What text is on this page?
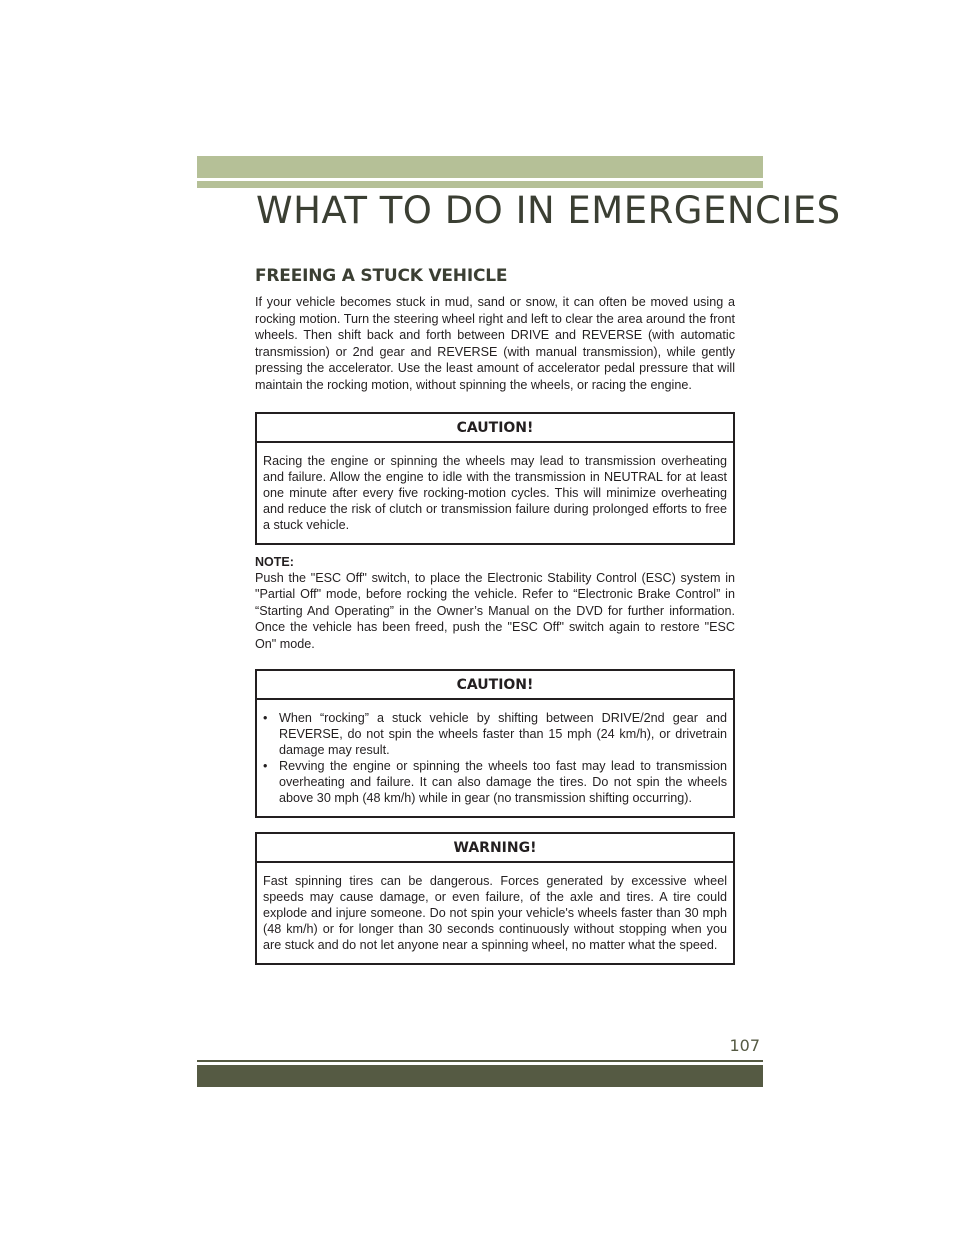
WHAT TO DO IN EMERGENCIES
FREEING A STUCK VEHICLE

If your vehicle becomes stuck in mud, sand or snow, it can often be moved using a rocking motion. Turn the steering wheel right and left to clear the area around the front wheels. Then shift back and forth between DRIVE and REVERSE (with automatic transmission) or 2nd gear and REVERSE (with manual transmission), while gently pressing the accelerator. Use the least amount of accelerator pedal pressure that will maintain the rocking motion, without spinning the wheels, or racing the engine.

CAUTION!

Racing the engine or spinning the wheels may lead to transmission overheating and failure. Allow the engine to idle with the transmission in NEUTRAL for at least one minute after every five rocking-motion cycles. This will minimize overheating and reduce the risk of clutch or transmission failure during prolonged efforts to free a stuck vehicle.

NOTE:

Push the "ESC Off" switch, to place the Electronic Stability Control (ESC) system in "Partial Off" mode, before rocking the vehicle. Refer to “Electronic Brake Control” in “Starting And Operating” in the Owner’s Manual on the DVD for further information. Once the vehicle has been freed, push the "ESC Off" switch again to restore "ESC On" mode.

CAUTION!
• When “rocking” a stuck vehicle by shifting between DRIVE/2nd gear and REVERSE, do not spin the wheels faster than 15 mph (24 km/h), or drivetrain damage may result.
• Revving the engine or spinning the wheels too fast may lead to transmission overheating and failure. It can also damage the tires. Do not spin the wheels above 30 mph (48 km/h) while in gear (no transmission shifting occurring).
WARNING!

Fast spinning tires can be dangerous. Forces generated by excessive wheel speeds may cause damage, or even failure, of the axle and tires. A tire could explode and injure someone. Do not spin your vehicle's wheels faster than 30 mph (48 km/h) or for longer than 30 seconds continuously without stopping when you are stuck and do not let anyone near a spinning wheel, no matter what the speed.

107
